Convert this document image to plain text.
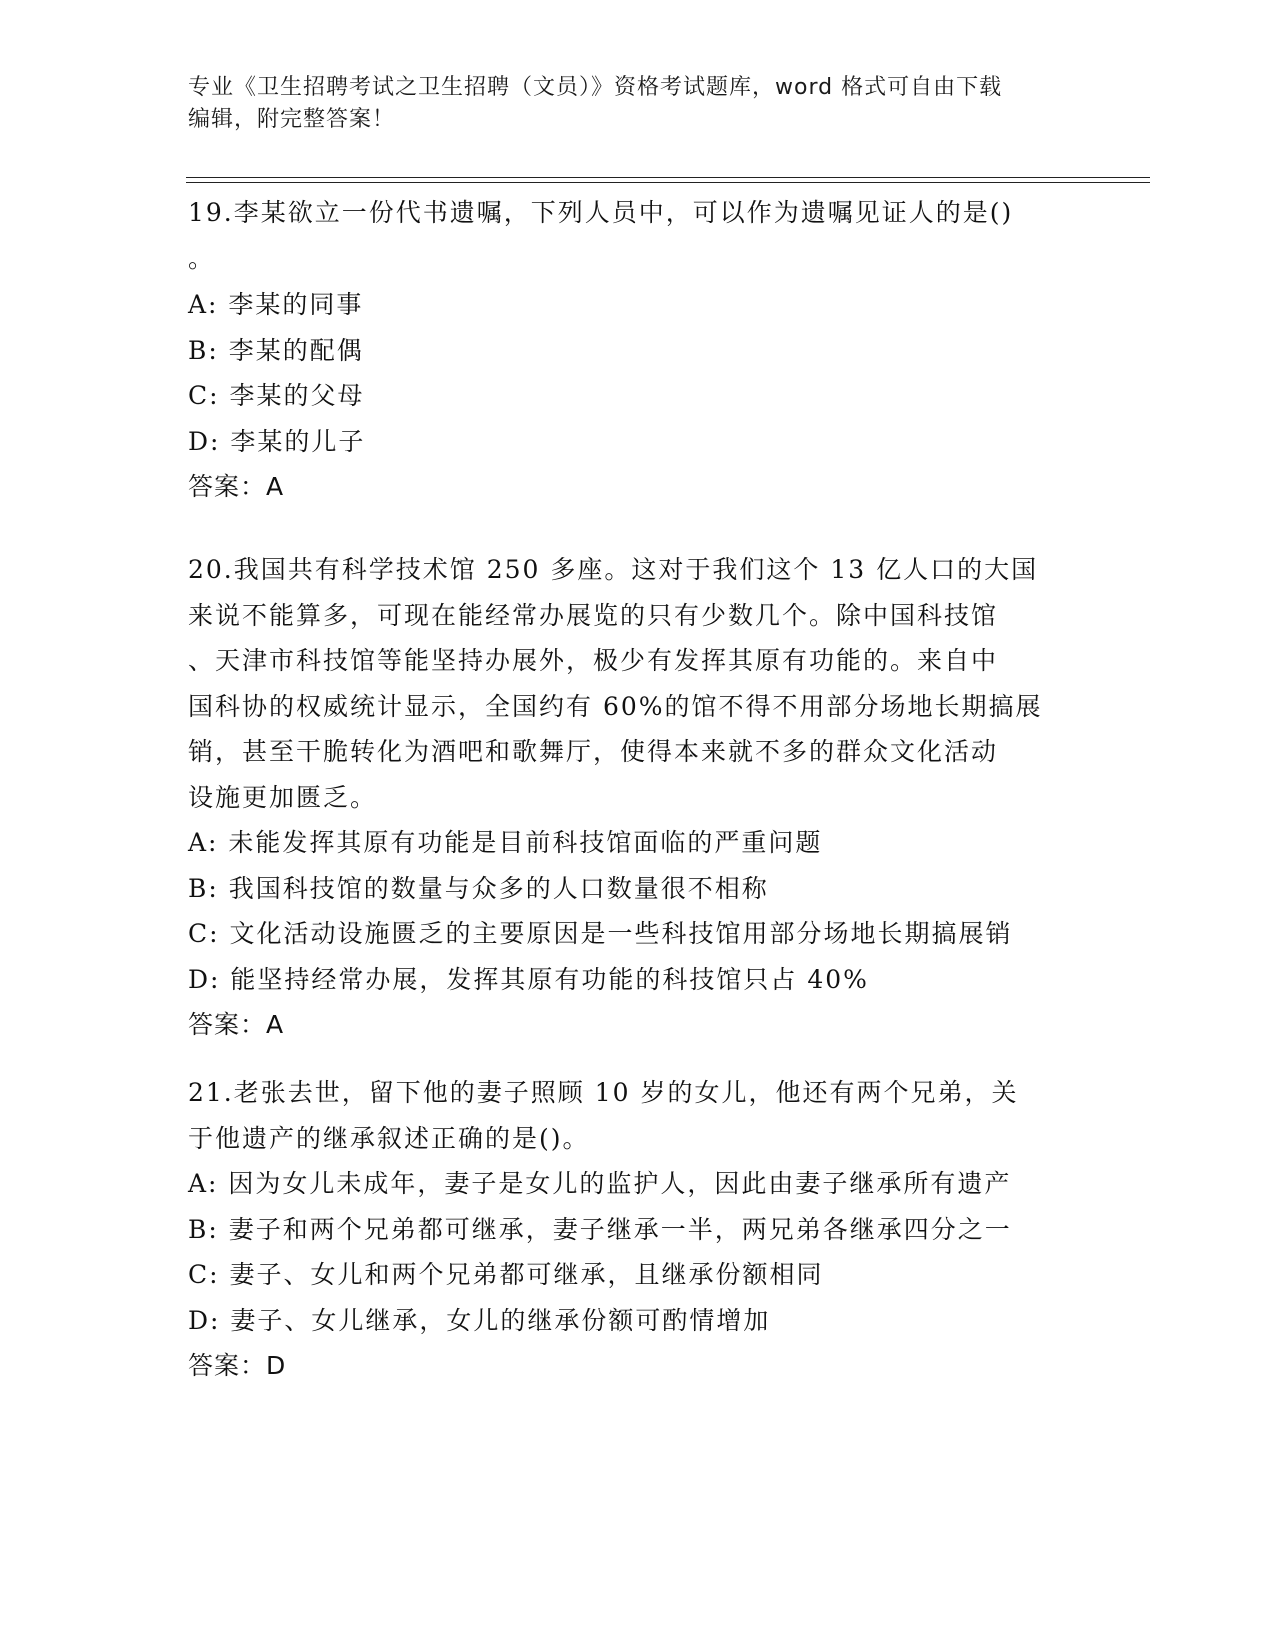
专业《卫生招聘考试之卫生招聘（文员）》资格考试题库，word 格式可自由下载

编辑，附完整答案！

19.李某欲立一份代书遗嘱，下列人员中，可以作为遗嘱见证人的是()
。
A: 李某的同事
B: 李某的配偶
C: 李某的父母
D: 李某的儿子
答案：A
20.我国共有科学技术馆 250 多座。这对于我们这个 13 亿人口的大国
来说不能算多，可现在能经常办展览的只有少数几个。除中国科技馆
、天津市科技馆等能坚持办展外，极少有发挥其原有功能的。来自中
国科协的权威统计显示，全国约有 60%的馆不得不用部分场地长期搞展
销，甚至干脆转化为酒吧和歌舞厅，使得本来就不多的群众文化活动
设施更加匮乏。
A: 未能发挥其原有功能是目前科技馆面临的严重问题
B: 我国科技馆的数量与众多的人口数量很不相称
C: 文化活动设施匮乏的主要原因是一些科技馆用部分场地长期搞展销
D: 能坚持经常办展，发挥其原有功能的科技馆只占 40%
答案：A
21.老张去世，留下他的妻子照顾 10 岁的女儿，他还有两个兄弟，关
于他遗产的继承叙述正确的是()。
A: 因为女儿未成年，妻子是女儿的监护人，因此由妻子继承所有遗产
B: 妻子和两个兄弟都可继承，妻子继承一半，两兄弟各继承四分之一
C: 妻子、女儿和两个兄弟都可继承，且继承份额相同
D: 妻子、女儿继承，女儿的继承份额可酌情增加
答案：D
